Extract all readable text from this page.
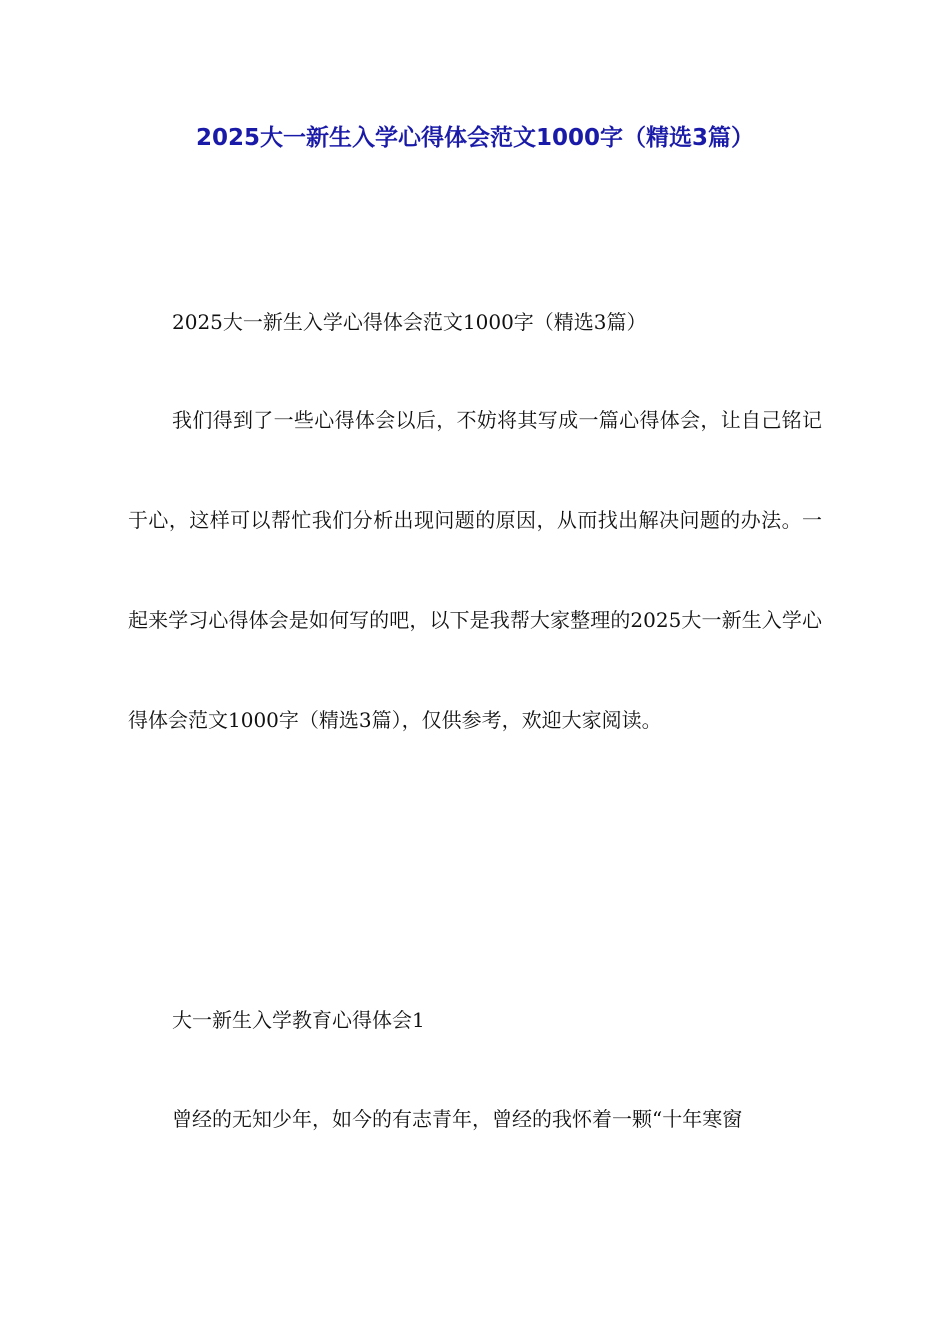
2025大一新生入学心得体会范文1000字（精选3篇）

2025大一新生入学心得体会范文1000字（精选3篇）

我们得到了一些心得体会以后，不妨将其写成一篇心得体会，让自己铭记于心，这样可以帮忙我们分析出现问题的原因，从而找出解决问题的办法。一起来学习心得体会是如何写的吧，以下是我帮大家整理的2025大一新生入学心得体会范文1000字（精选3篇），仅供参考，欢迎大家阅读。

大一新生入学教育心得体会1

曾经的无知少年，如今的有志青年，曾经的我怀着一颗“十年寒窗
